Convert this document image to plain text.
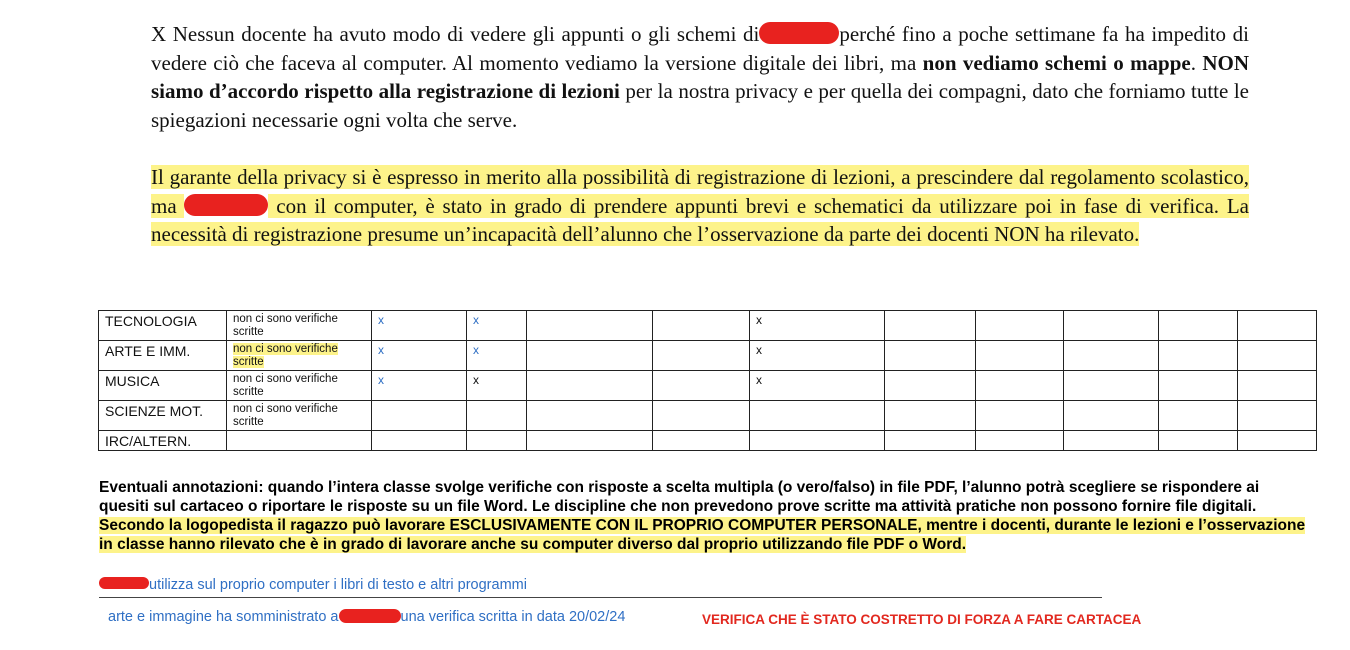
X Nessun docente ha avuto modo di vedere gli appunti o gli schemi di	perché fino a poche settimane fa ha impedito di vedere ciò che faceva al computer. Al momento vediamo la versione digitale dei libri, ma non vediamo schemi o mappe. NON siamo d’accordo rispetto alla registrazione di lezioni per la nostra privacy e per quella dei compagni, dato che forniamo tutte le spiegazioni necessarie ogni volta che serve.
Il garante della privacy si è espresso in merito alla possibilità di registrazione di lezioni, a prescindere dal regolamento scolastico, ma	con il computer, è stato in grado di prendere appunti brevi e schematici da utilizzare poi in fase di verifica. La necessità di registrazione presume un’incapacità dell’alunno che l’osservazione da parte dei docenti NON ha rilevato.
TECNOLOGIA	non ci sono verifiche scritte	x	x			x					
ARTE E IMM.	non ci sono verifiche scritte	x	x			x					
MUSICA	non ci sono verifiche scritte	x	x			x					
SCIENZE MOT.	non ci sono verifiche scritte										
IRC/ALTERN.											
Eventuali annotazioni: quando l’intera classe svolge verifiche con risposte a scelta multipla (o vero/falso) in file PDF, l’alunno potrà scegliere se rispondere ai quesiti sul cartaceo o riportare le risposte su un file Word. Le discipline che non prevedono prove scritte ma attività pratiche non possono fornire file digitali.
Secondo la logopedista il ragazzo può lavorare ESCLUSIVAMENTE CON IL PROPRIO COMPUTER PERSONALE, mentre i docenti, durante le lezioni e l’osservazione in classe hanno rilevato che è in grado di lavorare anche su computer diverso dal proprio utilizzando file PDF o Word.
utilizza sul proprio computer i libri di testo e altri programmi
arte e immagine ha somministrato a	una verifica scritta in data 20/02/24	VERIFICA CHE È STATO COSTRETTO DI FORZA A FARE CARTACEA
